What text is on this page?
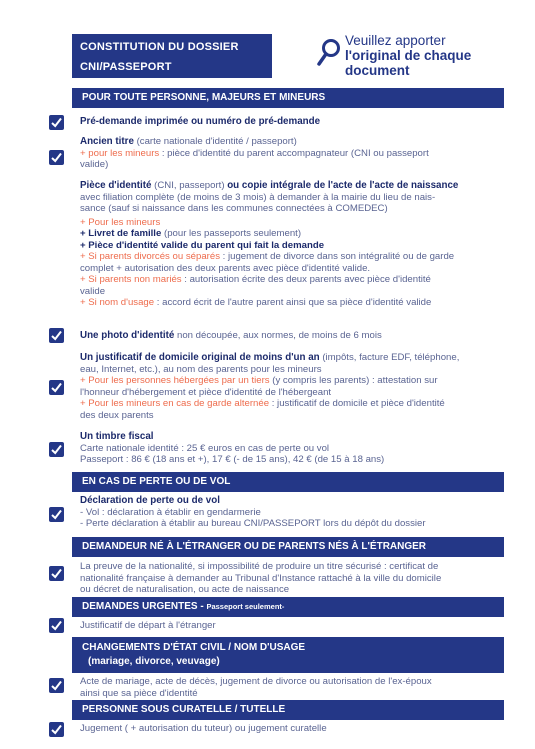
CONSTITUTION DU DOSSIER
CNI/PASSEPORT
Veuillez apporter
l'original de chaque
document
POUR TOUTE PERSONNE, MAJEURS ET MINEURS
Pré-demande imprimée ou numéro de pré-demande
Ancien titre (carte nationale d'identité / passeport)
+ pour les mineurs : pièce d'identité du parent accompagnateur (CNI ou passeport
valide)
Pièce d'identité (CNI, passeport) ou copie intégrale de l'acte de l'acte de naissance
avec filiation complète (de moins de 3 mois) à demander à la mairie du lieu de nais-
sance (sauf si naissance dans les communes connectées à COMEDEC)
+ Pour les mineurs
+ Livret de famille (pour les passeports seulement)
+ Pièce d'identité valide du parent qui fait la demande
+ Si parents divorcés ou séparés : jugement de divorce dans son intégralité ou de garde
complet + autorisation des deux parents avec pièce d'identité valide.
+ Si parents non mariés : autorisation écrite des deux parents avec pièce d'identité
valide
+ Si nom d'usage : accord écrit de l'autre parent ainsi que sa pièce d'identité valide
Une photo d'identité non découpée, aux normes, de moins de 6 mois
Un justificatif de domicile original de moins d'un an (impôts, facture EDF, téléphone,
eau, Internet, etc.), au nom des parents pour les mineurs
+ Pour les personnes hébergées par un tiers (y compris les parents) : attestation sur
l'honneur d'hébergement et pièce d'identité de l'hébergeant
+ Pour les mineurs en cas de garde alternée : justificatif de domicile et pièce d'identité
des deux parents
Un timbre fiscal
Carte nationale identité : 25 € euros en cas de perte ou vol
Passeport : 86 € (18 ans et +), 17 € (- de 15 ans), 42 € (de 15 à 18 ans)
EN CAS DE PERTE OU DE VOL
Déclaration de perte ou de vol
- Vol : déclaration à établir en gendarmerie
- Perte déclaration à établir au bureau CNI/PASSEPORT lors du dépôt du dossier
DEMANDEUR NÉ À L'ÉTRANGER OU DE PARENTS NÉS À L'ÉTRANGER
La preuve de la nationalité, si impossibilité de produire un titre sécurisé : certificat de
nationalité française à demander au Tribunal d'Instance rattaché à la ville du domicile
ou décret de naturalisation, ou acte de naissance
DEMANDES URGENTES - Passeport seulement-
Justificatif de départ à l'étranger
CHANGEMENTS D'ÉTAT CIVIL / NOM D'USAGE
(mariage, divorce, veuvage)
Acte de mariage, acte de décès, jugement de divorce ou autorisation de l'ex-époux
ainsi que sa pièce d'identité
PERSONNE SOUS CURATELLE / TUTELLE
Jugement ( + autorisation du tuteur) ou jugement curatelle
